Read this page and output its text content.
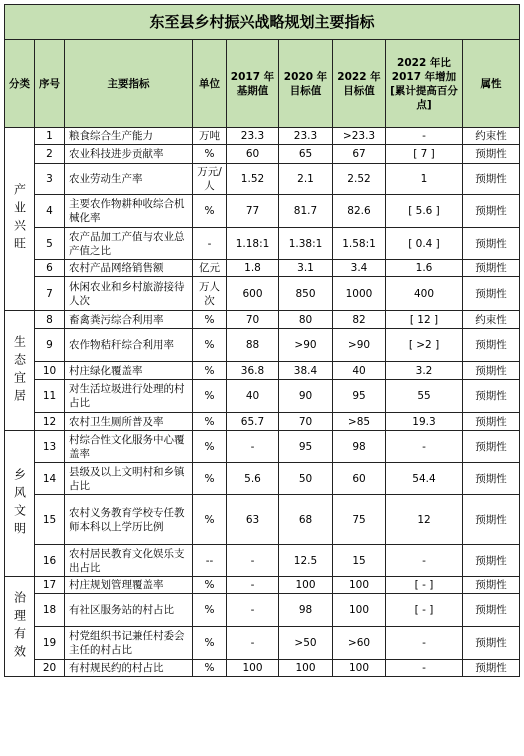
东至县乡村振兴战略规划主要指标								
分类	序号	主要指标	单位	2017 年基期值	2020 年目标值	2022 年目标值	2022 年比 2017 年增加[累计提高百分点]	属性
产业兴旺	1	粮食综合生产能力	万吨	23.3	23.3	>23.3	-	约束性
	2	农业科技进步贡献率	%	60	65	67	[ 7 ]	预期性
	3	农业劳动生产率	万元/人	1.52	2.1	2.52	1	预期性
	4	主要农作物耕种收综合机械化率	%	77	81.7	82.6	[ 5.6 ]	预期性
	5	农产品加工产值与农业总产值之比	-	1.18:1	1.38:1	1.58:1	[ 0.4 ]	预期性
	6	农村产品网络销售额	亿元	1.8	3.1	3.4	1.6	预期性
	7	休闲农业和乡村旅游接待人次	万人次	600	850	1000	400	预期性
生态宜居	8	畜禽粪污综合利用率	%	70	80	82	[ 12 ]	约束性
	9	农作物秸秆综合利用率	%	88	>90	>90	[ >2 ]	预期性
	10	村庄绿化覆盖率	%	36.8	38.4	40	3.2	预期性
	11	对生活垃圾进行处理的村占比	%	40	90	95	55	预期性
	12	农村卫生厕所普及率	%	65.7	70	>85	19.3	预期性
乡风文明	13	村综合性文化服务中心覆盖率	%	-	95	98	-	预期性
	14	县级及以上文明村和乡镇占比	%	5.6	50	60	54.4	预期性
	15	农村义务教育学校专任教师本科以上学历比例	%	63	68	75	12	预期性
	16	农村居民教育文化娱乐支出占比	--	-	12.5	15	-	预期性
治理有效	17	村庄规划管理覆盖率	%	-	100	100	[ - ]	预期性
	18	有社区服务站的村占比	%	-	98	100	[ - ]	预期性
	19	村党组织书记兼任村委会主任的村占比	%	-	>50	>60	-	预期性
	20	有村规民约的村占比	%	100	100	100	-	预期性
